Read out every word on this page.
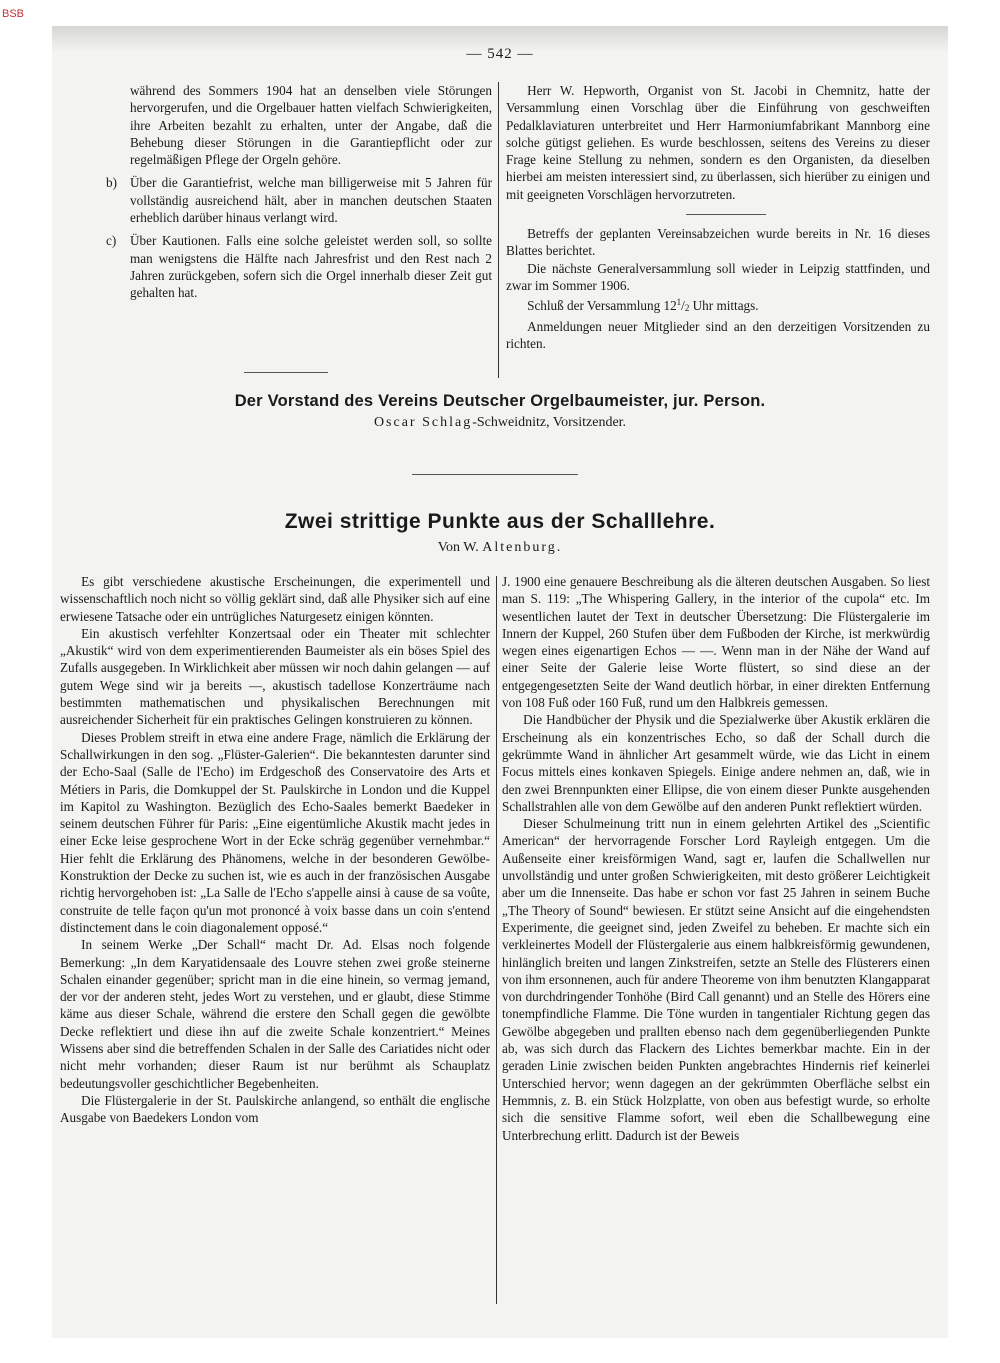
BSB
— 542 —
während des Sommers 1904 hat an denselben viele Störungen hervorgerufen, und die Orgelbauer hatten vielfach Schwierigkeiten, ihre Arbeiten bezahlt zu erhalten, unter der Angabe, daß die Behebung dieser Störungen in die Garantiepflicht oder zur regelmäßigen Pflege der Orgeln gehöre.
b) Über die Garantiefrist, welche man billigerweise mit 5 Jahren für vollständig ausreichend hält, aber in manchen deutschen Staaten erheblich darüber hinaus verlangt wird.
c) Über Kautionen. Falls eine solche geleistet werden soll, so sollte man wenigstens die Hälfte nach Jahresfrist und den Rest nach 2 Jahren zurückgeben, sofern sich die Orgel innerhalb dieser Zeit gut gehalten hat.

Herr W. Hepworth, Organist von St. Jacobi in Chemnitz, hatte der Versammlung einen Vorschlag über die Einführung von geschweiften Pedalklaviaturen unterbreitet und Herr Harmoniumfabrikant Mannborg eine solche gütigst geliehen. Es wurde beschlossen, seitens des Vereins zu dieser Frage keine Stellung zu nehmen, sondern es den Organisten, da dieselben hierbei am meisten interessiert sind, zu überlassen, sich hierüber zu einigen und mit geeigneten Vorschlägen hervorzutreten.

Betreffs der geplanten Vereinsabzeichen wurde bereits in Nr. 16 dieses Blattes berichtet.

Die nächste Generalversammlung soll wieder in Leipzig stattfinden, und zwar im Sommer 1906.

Schluß der Versammlung $12^1/2$ Uhr mittags.

Anmeldungen neuer Mitglieder sind an den derzeitigen Vorsitzenden zu richten.

Der Vorstand des Vereins Deutscher Orgelbaumeister, jur. Person.
Oscar Schlag-Schweidnitz, Vorsitzender.
Zwei strittige Punkte aus der Schalllehre.
Von W. Altenburg.

Es gibt verschiedene akustische Erscheinungen, die experimentell und wissenschaftlich noch nicht so völlig geklärt sind, daß alle Physiker sich auf eine erwiesene Tatsache oder ein untrügliches Naturgesetz einigen könnten.

Ein akustisch verfehlter Konzertsaal oder ein Theater mit schlechter „Akustik“ wird von dem experimentierenden Baumeister als ein böses Spiel des Zufalls ausgegeben. In Wirklichkeit aber müssen wir noch dahin gelangen — auf gutem Wege sind wir ja bereits —, akustisch tadellose Konzerträume nach bestimmten mathematischen und physikalischen Berechnungen mit ausreichender Sicherheit für ein praktisches Gelingen konstruieren zu können.

Dieses Problem streift in etwa eine andere Frage, nämlich die Erklärung der Schallwirkungen in den sog. „Flüster-Galerien“. Die bekanntesten darunter sind der Echo-Saal (Salle de l'Echo) im Erdgeschoß des Conservatoire des Arts et Métiers in Paris, die Domkuppel der St. Paulskirche in London und die Kuppel im Kapitol zu Washington. Bezüglich des Echo-Saales bemerkt Baedeker in seinem deutschen Führer für Paris: „Eine eigentümliche Akustik macht jedes in einer Ecke leise gesprochene Wort in der Ecke schräg gegenüber vernehmbar.“ Hier fehlt die Erklärung des Phänomens, welche in der besonderen Gewölbe-Konstruktion der Decke zu suchen ist, wie es auch in der französischen Ausgabe richtig hervorgehoben ist: „La Salle de l'Echo s'appelle ainsi à cause de sa voûte, construite de telle façon qu'un mot prononcé à voix basse dans un coin s'entend distinctement dans le coin diagonalement opposé.“

In seinem Werke „Der Schall“ macht Dr. Ad. Elsas noch folgende Bemerkung: „In dem Karyatidensaale des Louvre stehen zwei große steinerne Schalen einander gegenüber; spricht man in die eine hinein, so vermag jemand, der vor der anderen steht, jedes Wort zu verstehen, und er glaubt, diese Stimme käme aus dieser Schale, während die erstere den Schall gegen die gewölbte Decke reflektiert und diese ihn auf die zweite Schale konzentriert.“ Meines Wissens aber sind die betreffenden Schalen in der Salle des Cariatides nicht oder nicht mehr vorhanden; dieser Raum ist nur berühmt als Schauplatz bedeutungsvoller geschichtlicher Begebenheiten.

Die Flüstergalerie in der St. Paulskirche anlangend, so enthält die englische Ausgabe von Baedekers London vom

J. 1900 eine genauere Beschreibung als die älteren deutschen Ausgaben. So liest man S. 119: „The Whispering Gallery, in the interior of the cupola“ etc. Im wesentlichen lautet der Text in deutscher Übersetzung: Die Flüstergalerie im Innern der Kuppel, 260 Stufen über dem Fußboden der Kirche, ist merkwürdig wegen eines eigenartigen Echos — —. Wenn man in der Nähe der Wand auf einer Seite der Galerie leise Worte flüstert, so sind diese an der entgegengesetzten Seite der Wand deutlich hörbar, in einer direkten Entfernung von 108 Fuß oder 160 Fuß, rund um den Halbkreis gemessen.

Die Handbücher der Physik und die Spezialwerke über Akustik erklären die Erscheinung als ein konzentrisches Echo, so daß der Schall durch die gekrümmte Wand in ähnlicher Art gesammelt würde, wie das Licht in einem Focus mittels eines konkaven Spiegels. Einige andere nehmen an, daß, wie in den zwei Brennpunkten einer Ellipse, die von einem dieser Punkte ausgehenden Schallstrahlen alle von dem Gewölbe auf den anderen Punkt reflektiert würden.

Dieser Schulmeinung tritt nun in einem gelehrten Artikel des „Scientific American“ der hervorragende Forscher Lord Rayleigh entgegen. Um die Außenseite einer kreisförmigen Wand, sagt er, laufen die Schallwellen nur unvollständig und unter großen Schwierigkeiten, mit desto größerer Leichtigkeit aber um die Innenseite. Das habe er schon vor fast 25 Jahren in seinem Buche „The Theory of Sound“ bewiesen. Er stützt seine Ansicht auf die eingehendsten Experimente, die geeignet sind, jeden Zweifel zu beheben. Er machte sich ein verkleinertes Modell der Flüstergalerie aus einem halbkreisförmig gewundenen, hinlänglich breiten und langen Zinkstreifen, setzte an Stelle des Flüsterers einen von ihm ersonnenen, auch für andere Theoreme von ihm benutzten Klangapparat von durchdringender Tonhöhe (Bird Call genannt) und an Stelle des Hörers eine tonempfindliche Flamme. Die Töne wurden in tangentialer Richtung gegen das Gewölbe abgegeben und prallten ebenso nach dem gegenüberliegenden Punkte ab, was sich durch das Flackern des Lichtes bemerkbar machte. Ein in der geraden Linie zwischen beiden Punkten angebrachtes Hindernis rief keinerlei Unterschied hervor; wenn dagegen an der gekrümmten Oberfläche selbst ein Hemmnis, z. B. ein Stück Holzplatte, von oben aus befestigt wurde, so erholte sich die sensitive Flamme sofort, weil eben die Schallbewegung eine Unterbrechung erlitt. Dadurch ist der Beweis
